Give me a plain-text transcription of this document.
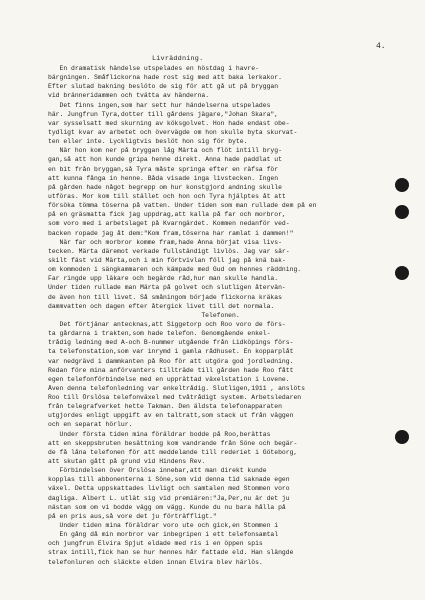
4.
Livräddning.
En dramatisk händelse utspelades en höstdag i havre-
bärgningen. Småflickorna hade rost sig med att baka lerkakor.
Efter slutad bakning beslöto de sig för att gå ut på bryggan
vid bränneridammen och tvätta av händerna.
Det finns ingen,som har sett hur händelserna utspelades
här. Jungfrun Tyra,dotter till gårdens jägare,"Johan Skara",
var sysselsatt med skurning av köksgolvet. Hon hade endast obe-
tydligt kvar av arbetet och övervägde om hon skulle byta skurvat-
ten eller inte. Lyckligtvis beslöt hon sig för byte.
När hon kom ner på bryggan låg Märta och flöt intill bryg-
gan,så att hon kunde gripa henne direkt. Anna hade paddlat ut
en bit från bryggan,så Tyra måste springa efter en räfsa för
att kunna fånga in henne. Båda visade inga livstecken. Ingen
på gården hade något begrepp om hur konstgjord andning skulle
utföras. Mor kom till stället och hon och Tyra hjälptes åt att
försöka tömma töserna på vatten. Under tiden som man rullade dem på en
på en gräsmatta fick jag uppdrag,att kalla på far och morbror,
som voro med i arbetslaget på Kvarngärdet. Kommen nedanför ved-
backen ropade jag åt dem:"Kom fram,töserna har ramlat i dammen!"
När far och morbror komme fram,hade Anna börjat visa livs-
tecken. Märta däremot verkade fullständigt livlös. Jag var sär-
skilt fäst vid Märta,och i min förtvivlan föll jag på knä bak-
om kommoden i sängkammaren och kämpade med Gud om hennes räddning.
Far ringde upp läkare och begärde råd,hur man skulle handla.
Under tiden rullade man Märta på golvet och slutligen återvän-
de även hon till livet. Så småningom började flickorna kräkas
dammvatten och dagen efter återgick livet till det normala.
Telefonen.
Det förtjänar antecknas,att Siggetorp och Roo voro de förs-
ta gårdarna i trakten,som hade telefon. Genomgående enkel-
trådig ledning med A-och B-nummer utgående från Lidköpings förs-
ta telefonstation,som var inrymd i gamla rådhuset. En kopparplåt
var nedgrävd i dammkanten på Roo för att utgöra god jordledning.
Redan före mina anförvanters tillträde till gården hade Roo fått
egen telefonförbindelse med en upprättad växelstation i Lovene.
Även denna telefonledning var enkeltrådig. Slutligen,1911 , anslöts
Roo till Örslösa telefonväxel med tvåtrådigt system. Arbetsledaren
från telegrafverket hette Takman. Den äldsta telefonapparaten
utgjordes enligt uppgift av en taltratt,som stack ut från väggen
och en separat hörlur.
Under första tiden mina föräldrar bodde på Roo,berättas
att en skeppsbruten besättning kom vandrande från Söne och begär-
de få låna telefonen för att meddelande till rederiet i Göteborg,
att skutan gått på grund vid Hindens Rev.
Förbindelsen över Örslösa innebar,att man direkt kunde
kopplas till abbonenterna i Söne,som vid denna tid saknade egen
växel. Detta uppskattades livligt och samtalen med Stommen voro
dagliga. Albert L. utlät sig vid premiären:"Ja,Per,nu är det ju
nästan som om vi bodde vägg om vägg. Kunde du nu bara hålla på
på en pris aus,så vore det ju förträffligt."
Under tiden mina föräldrar voro ute och gick,en Stommen i
En gång då min morbror var inbegripen i ett telefonsamtal
och jungfrun Elvira Spjut eldade med ris i en öppen spis
strax intill,fick han se hur hennes hår fattade eld. Han slängde
telefonluren och släckte elden innan Elvira blev härlös.
